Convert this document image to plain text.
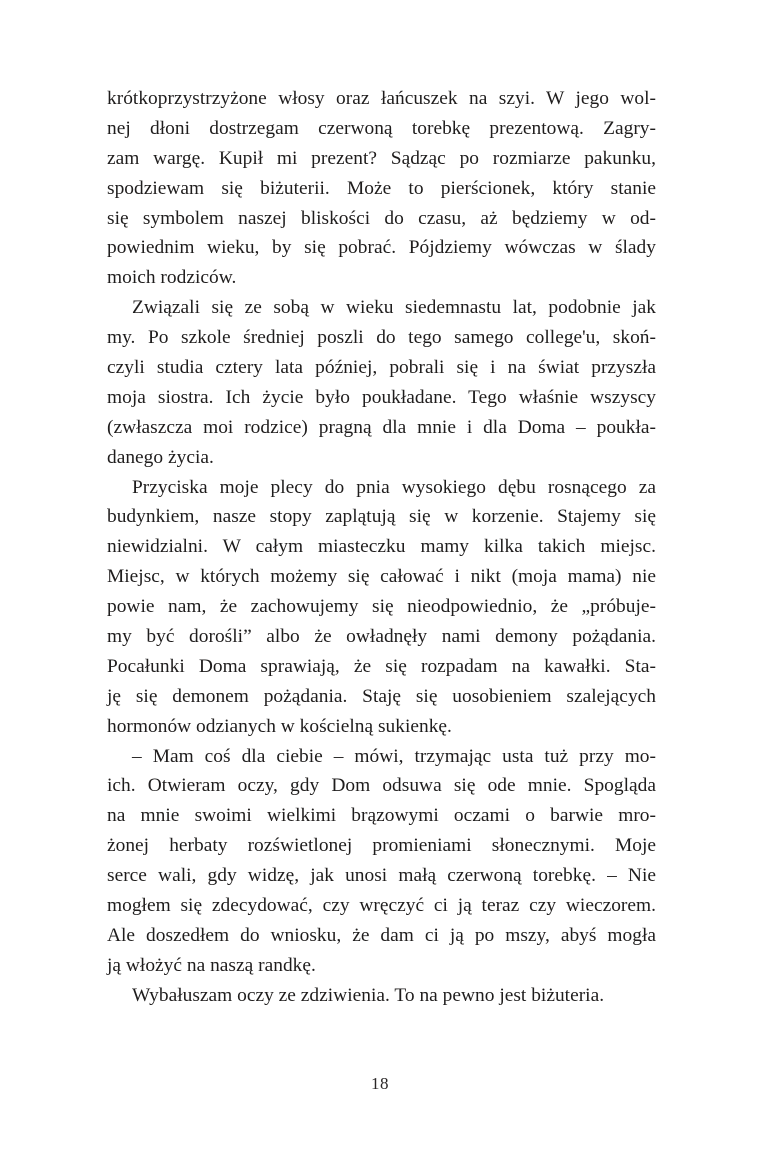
krótkoprzystrzyżone włosy oraz łańcuszek na szyi. W jego wol-
nej dłoni dostrzegam czerwoną torebkę prezentową. Zagry-
zam wargę. Kupił mi prezent? Sądząc po rozmiarze pakunku,
spodziewam się biżuterii. Może to pierścionek, który stanie
się symbolem naszej bliskości do czasu, aż będziemy w od-
powiednim wieku, by się pobrać. Pójdziemy wówczas w ślady
moich rodziców.

Związali się ze sobą w wieku siedemnastu lat, podobnie jak
my. Po szkole średniej poszli do tego samego college'u, skoń-
czyli studia cztery lata później, pobrali się i na świat przyszła
moja siostra. Ich życie było poukładane. Tego właśnie wszyscy
(zwłaszcza moi rodzice) pragną dla mnie i dla Doma – poukła-
danego życia.

Przyciska moje plecy do pnia wysokiego dębu rosnącego za
budynkiem, nasze stopy zaplątują się w korzenie. Stajemy się
niewidzialni. W całym miasteczku mamy kilka takich miejsc.
Miejsc, w których możemy się całować i nikt (moja mama) nie
powie nam, że zachowujemy się nieodpowiednio, że „próbuje-
my być dorośli” albo że owładnęły nami demony pożądania.
Pocałunki Doma sprawiają, że się rozpadam na kawałki. Sta-
ję się demonem pożądania. Staję się uosobieniem szalejących
hormonów odzianych w kościelną sukienkę.

– Mam coś dla ciebie – mówi, trzymając usta tuż przy mo-
ich. Otwieram oczy, gdy Dom odsuwa się ode mnie. Spogląda
na mnie swoimi wielkimi brązowymi oczami o barwie mro-
żonej herbaty rozświetlonej promieniami słonecznymi. Moje
serce wali, gdy widzę, jak unosi małą czerwoną torebkę. – Nie
mogłem się zdecydować, czy wręczyć ci ją teraz czy wieczorem.
Ale doszedłem do wniosku, że dam ci ją po mszy, abyś mogła
ją włożyć na naszą randkę.

Wybałuszam oczy ze zdziwienia. To na pewno jest biżuteria.

18
